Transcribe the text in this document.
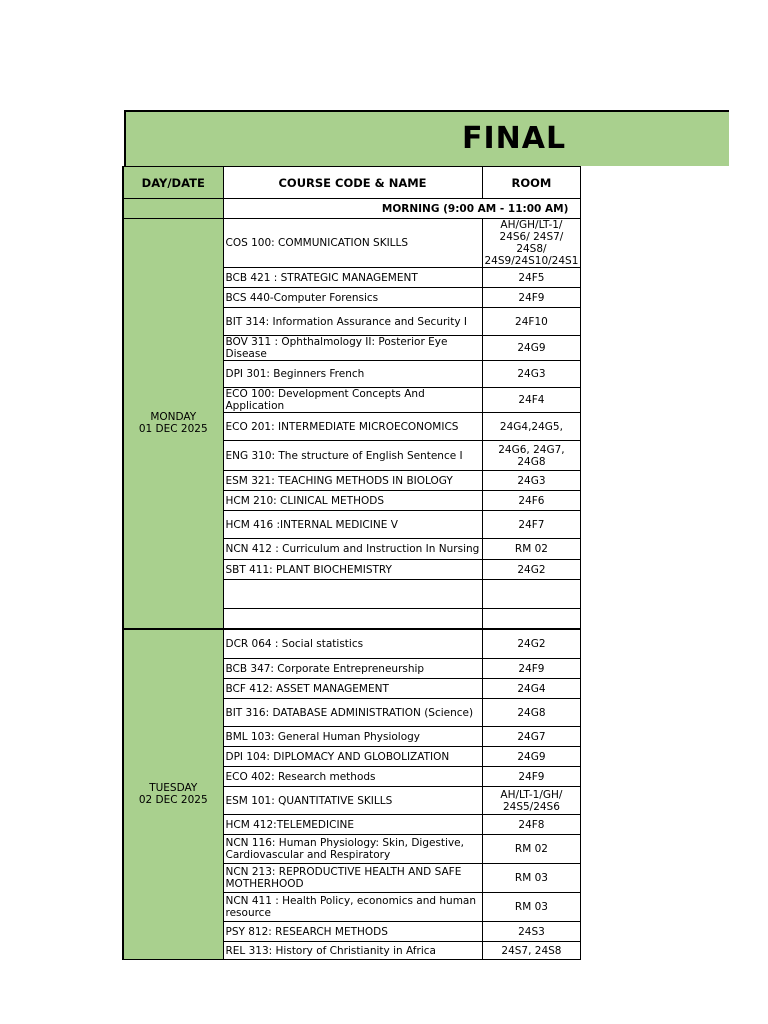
FINAL
DAY/DATE	COURSE CODE & NAME	ROOM
	MORNING (9:00 AM - 11:00 AM)	

MONDAY
01 DEC 2025	COS 100: COMMUNICATION SKILLS	AH/GH/LT-1/ 24S6/ 24S7/ 24S8/ 24S9/24S10/24S1
	BCB 421 : STRATEGIC MANAGEMENT	24F5
	BCS 440-Computer Forensics	24F9
	BIT 314: Information Assurance and Security I	24F10
	BOV 311 : Ophthalmology II: Posterior Eye Disease	24G9
	DPI 301: Beginners French	24G3
	ECO 100: Development Concepts And Application	24F4
	ECO 201: INTERMEDIATE MICROECONOMICS	24G4,24G5,
	ENG 310: The structure of English Sentence I	24G6, 24G7, 24G8
	ESM 321: TEACHING METHODS IN BIOLOGY	24G3
	HCM 210: CLINICAL METHODS	24F6
	HCM 416 :INTERNAL MEDICINE V	24F7
	NCN 412 : Curriculum and Instruction In Nursing	RM 02
	SBT 411: PLANT BIOCHEMISTRY	24G2

TUESDAY
02 DEC 2025	DCR 064 : Social statistics	24G2
	BCB 347: Corporate Entrepreneurship	24F9
	BCF 412: ASSET MANAGEMENT	24G4
	BIT 316: DATABASE ADMINISTRATION (Science)	24G8
	BML 103: General Human Physiology	24G7
	DPI 104: DIPLOMACY AND GLOBOLIZATION	24G9
	ECO 402: Research methods	24F9
	ESM 101: QUANTITATIVE SKILLS	AH/LT-1/GH/ 24S5/24S6
	HCM 412:TELEMEDICINE	24F8
	NCN 116: Human Physiology: Skin, Digestive, Cardiovascular and Respiratory	RM 02
	NCN 213: REPRODUCTIVE HEALTH AND SAFE MOTHERHOOD	RM 03
	NCN 411 : Health Policy, economics and human resource	RM 03
	PSY 812: RESEARCH METHODS	24S3
	REL 313: History of Christianity in Africa	24S7, 24S8
